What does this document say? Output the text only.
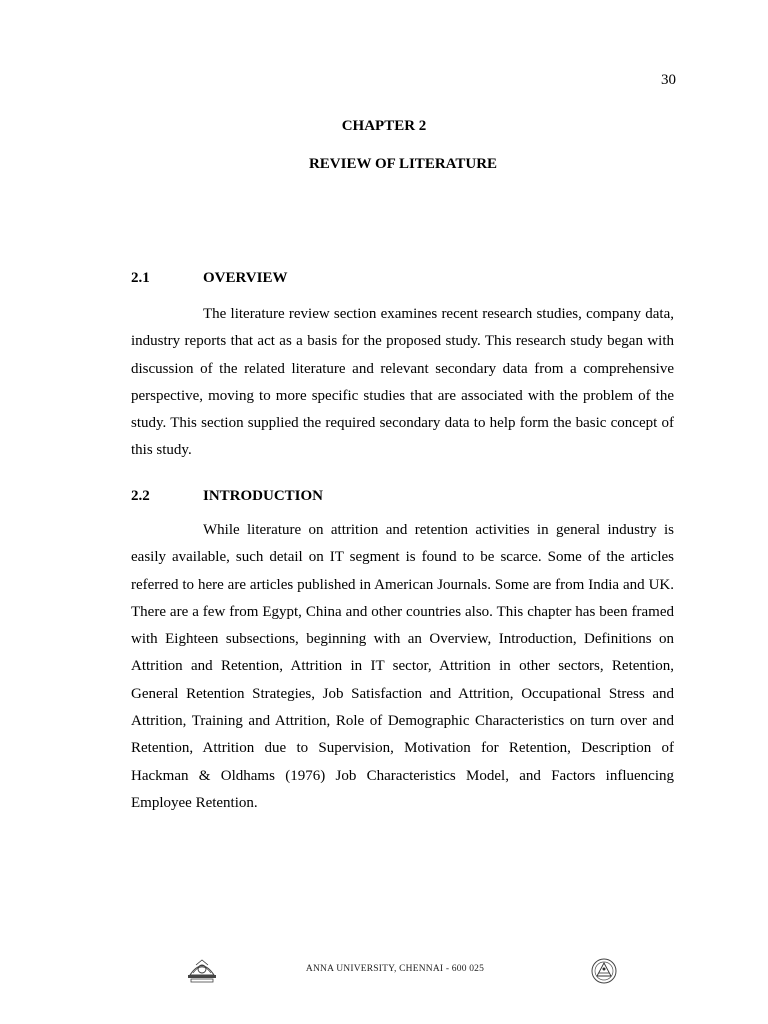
30
CHAPTER 2
REVIEW OF LITERATURE
2.1	OVERVIEW

The literature review section examines recent research studies, company data, industry reports that act as a basis for the proposed study. This research study began with discussion of the related literature and relevant secondary data from a comprehensive perspective, moving to more specific studies that are associated with the problem of the study. This section supplied the required secondary data to help form the basic concept of this study.

2.2	INTRODUCTION

While literature on attrition and retention activities in general industry is easily available, such detail on IT segment is found to be scarce. Some of the articles referred to here are articles published in American Journals. Some are from India and UK. There are a few from Egypt, China and other countries also. This chapter has been framed with Eighteen subsections, beginning with an Overview, Introduction, Definitions on Attrition and Retention, Attrition in IT sector, Attrition in other sectors, Retention, General Retention Strategies, Job Satisfaction and Attrition, Occupational Stress and Attrition, Training and Attrition, Role of Demographic Characteristics on turn over and Retention, Attrition due to Supervision, Motivation for Retention, Description of Hackman & Oldhams (1976) Job Characteristics Model, and Factors influencing Employee Retention.

ANNA UNIVERSITY, CHENNAI - 600 025
